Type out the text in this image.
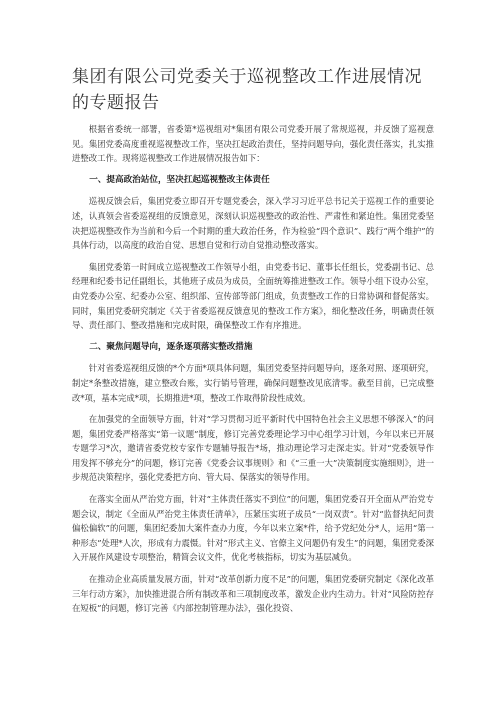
集团有限公司党委关于巡视整改工作进展情况的专题报告

根据省委统一部署，省委第*巡视组对*集团有限公司党委开展了常规巡视，并反馈了巡视意见。集团党委高度重视巡视整改工作，坚决扛起政治责任，坚持问题导向，强化责任落实，扎实推进整改工作。现将巡视整改工作进展情况报告如下：

一、提高政治站位，坚决扛起巡视整改主体责任

巡视反馈会后，集团党委立即召开专题党委会，深入学习习近平总书记关于巡视工作的重要论述，认真领会省委巡视组的反馈意见，深刻认识巡视整改的政治性、严肃性和紧迫性。集团党委坚决把巡视整改作为当前和今后一个时期的重大政治任务，作为检验“四个意识”、践行“两个维护”的具体行动，以高度的政治自觉、思想自觉和行动自觉推动整改落实。

集团党委第一时间成立巡视整改工作领导小组，由党委书记、董事长任组长，党委副书记、总经理和纪委书记任副组长，其他班子成员为成员，全面统筹推进整改工作。领导小组下设办公室，由党委办公室、纪委办公室、组织部、宣传部等部门组成，负责整改工作的日常协调和督促落实。同时，集团党委研究制定《关于省委巡视反馈意见的整改工作方案》，细化整改任务，明确责任领导、责任部门、整改措施和完成时限，确保整改工作有序推进。

二、聚焦问题导向，逐条逐项落实整改措施

针对省委巡视组反馈的*个方面*项具体问题，集团党委坚持问题导向，逐条对照、逐项研究，制定*条整改措施，建立整改台账，实行销号管理，确保问题整改见底清零。截至目前，已完成整改*项，基本完成*项，长期推进*项，整改工作取得阶段性成效。

在加强党的全面领导方面，针对“学习贯彻习近平新时代中国特色社会主义思想不够深入”的问题，集团党委严格落实“第一议题”制度，修订完善党委理论学习中心组学习计划，今年以来已开展专题学习*次，邀请省委党校专家作专题辅导报告*场，推动理论学习走深走实。针对“党委领导作用发挥不够充分”的问题，修订完善《党委会议事规则》和《“三重一大”决策制度实施细则》，进一步规范决策程序，强化党委把方向、管大局、保落实的领导作用。

在落实全面从严治党方面，针对“主体责任落实不到位”的问题，集团党委召开全面从严治党专题会议，制定《全面从严治党主体责任清单》，压紧压实班子成员“一岗双责”。针对“监督执纪问责偏松偏软”的问题，集团纪委加大案件查办力度，今年以来立案*件，给予党纪处分*人，运用“第一种形态”处理*人次，形成有力震慑。针对“形式主义、官僚主义问题仍有发生”的问题，集团党委深入开展作风建设专项整治，精简会议文件，优化考核指标，切实为基层减负。

在推动企业高质量发展方面，针对“改革创新力度不足”的问题，集团党委研究制定《深化改革三年行动方案》，加快推进混合所有制改革和三项制度改革，激发企业内生动力。针对“风险防控存在短板”的问题，修订完善《内部控制管理办法》，强化投资、
